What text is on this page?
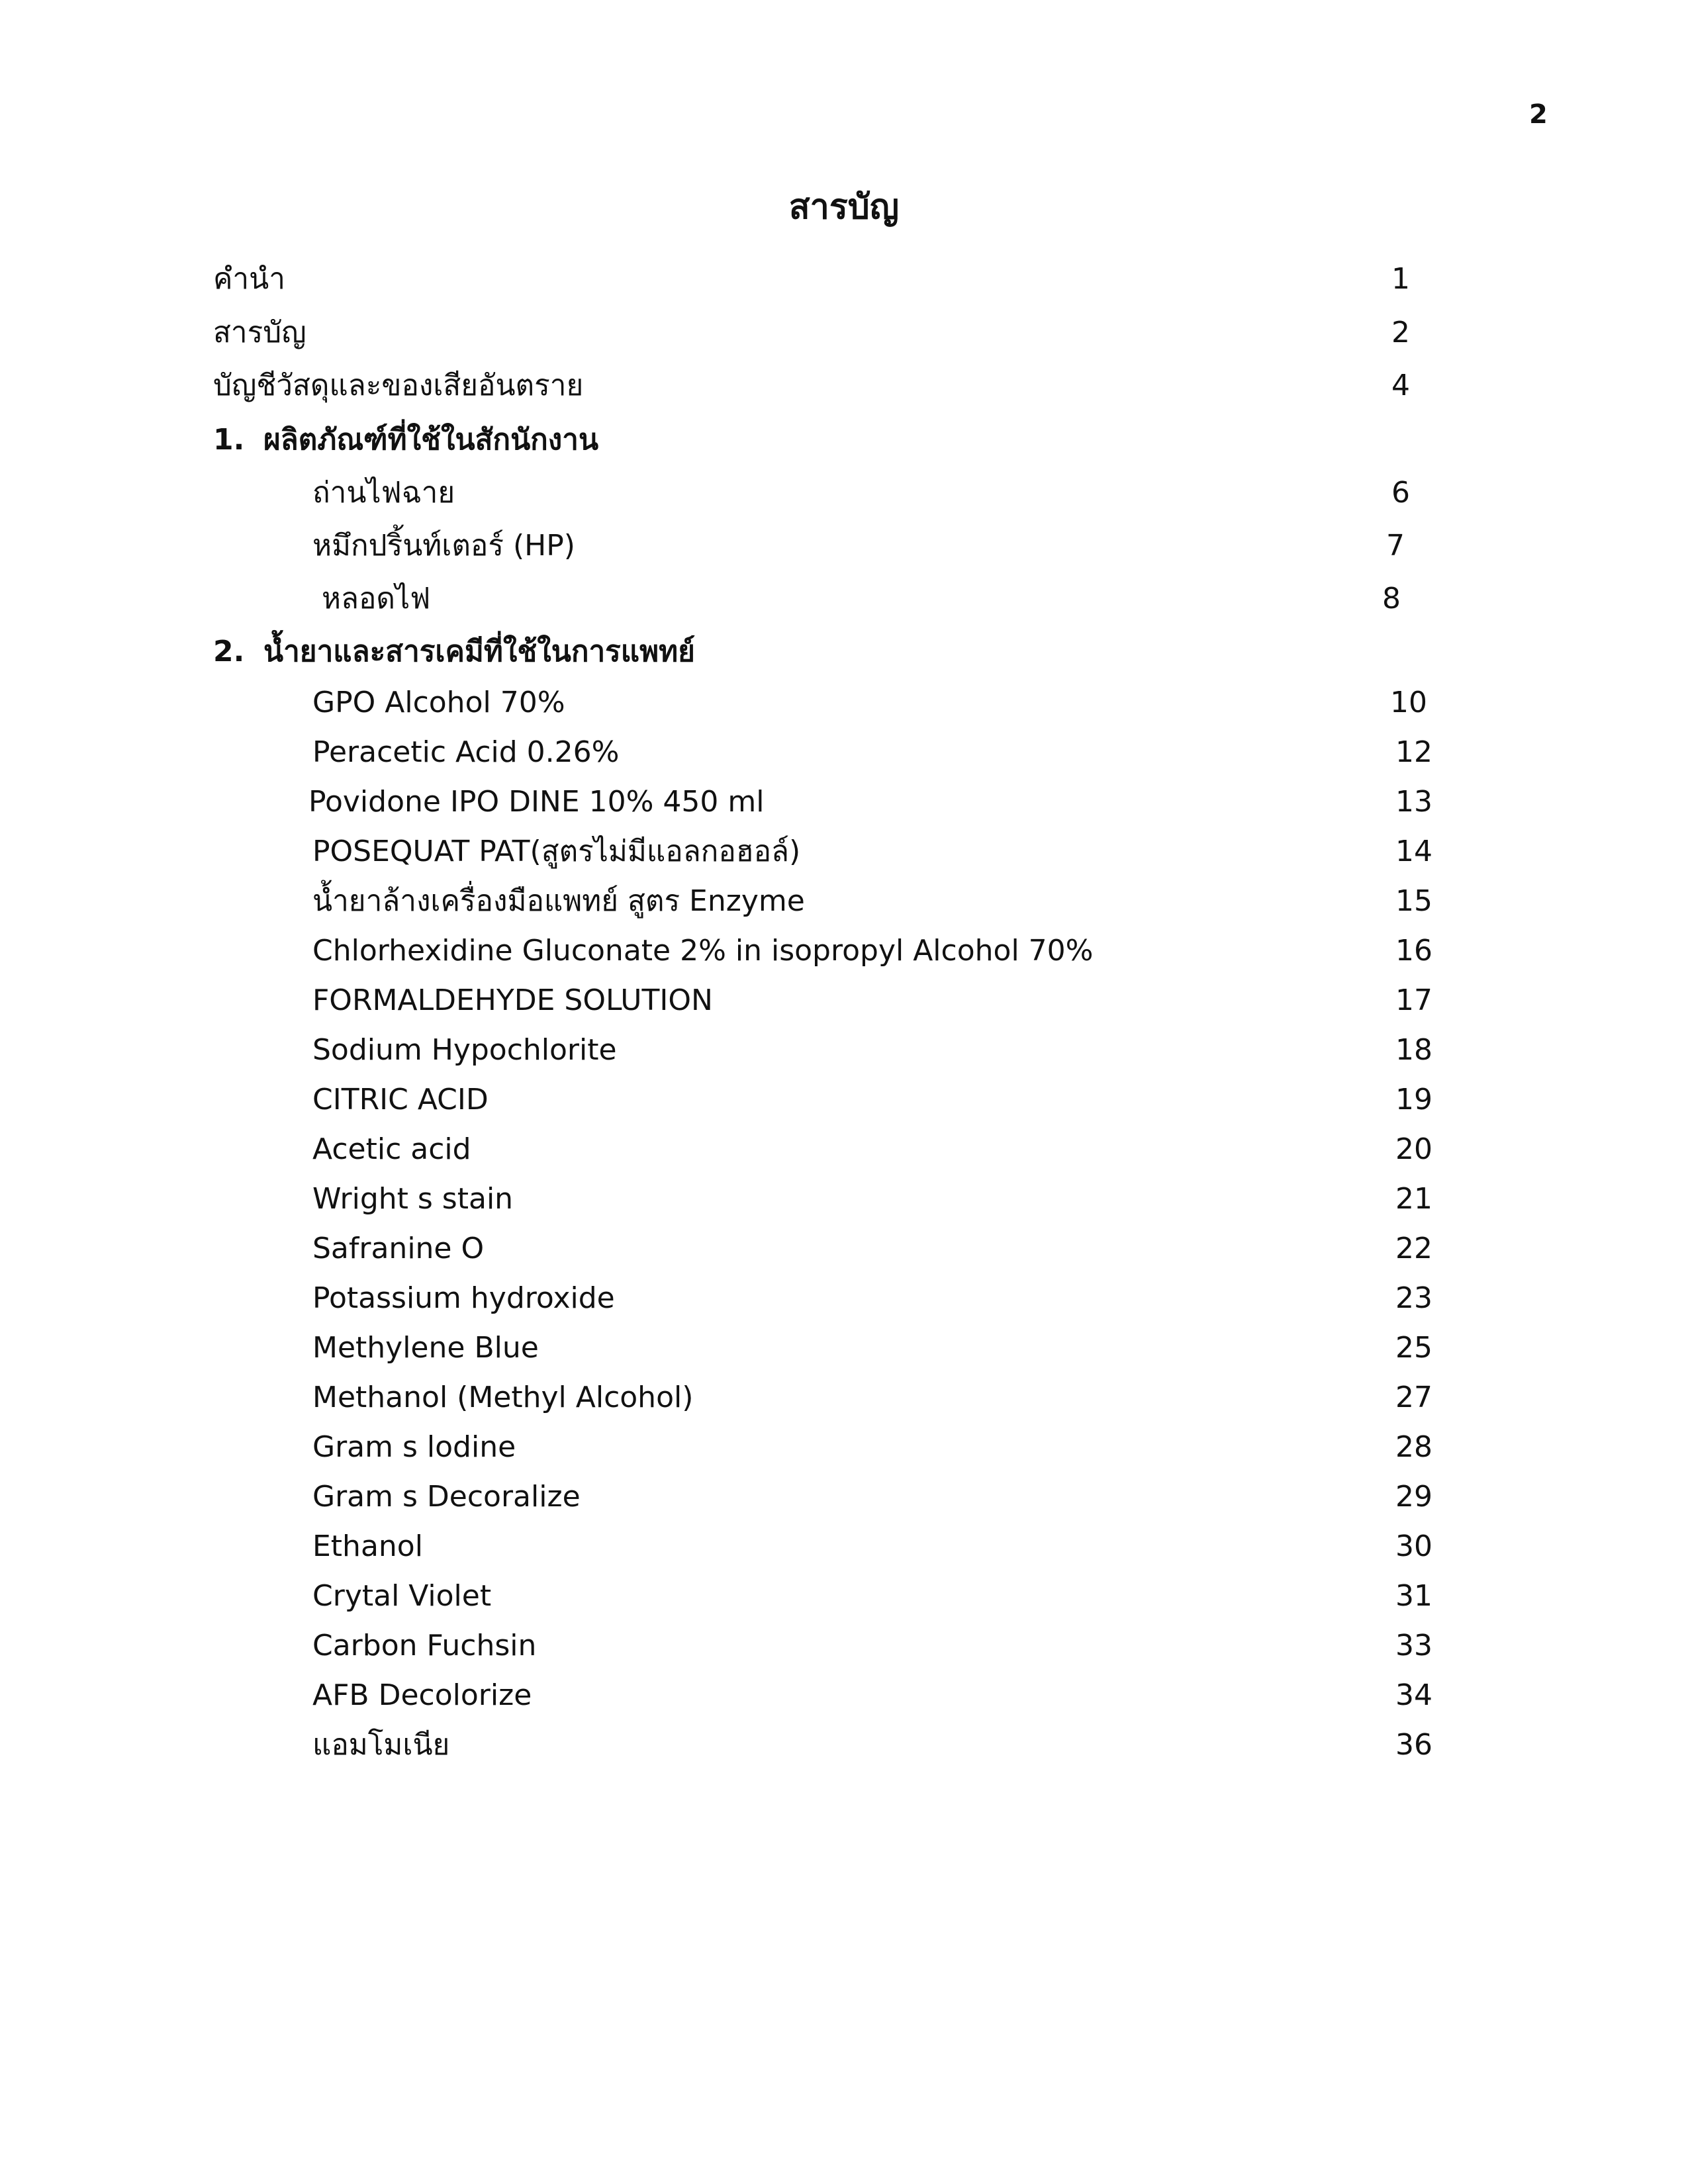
2
สารบัญ
คำนำ	1
สารบัญ	2
บัญชีวัสดุและของเสียอันตราย	4
1. ผลิตภัณฑ์ที่ใช้ในสักนักงาน
ถ่านไฟฉาย	6
หมึกปริ้นท์เตอร์ (HP)	7
หลอดไฟ	8
2. น้ำยาและสารเคมีที่ใช้ในการแพทย์
GPO Alcohol 70%	10
Peracetic Acid 0.26%	12
Povidone IPO DINE 10% 450 ml	13
POSEQUAT PAT(สูตรไม่มีแอลกอฮอล์)	14
น้ำยาล้างเครื่องมือแพทย์ สูตร Enzyme	15
Chlorhexidine Gluconate 2% in isopropyl Alcohol 70%	16
FORMALDEHYDE SOLUTION	17
Sodium Hypochlorite	18
CITRIC ACID	19
Acetic acid	20
Wright s stain	21
Safranine O	22
Potassium hydroxide	23
Methylene Blue	25
Methanol (Methyl Alcohol)	27
Gram s lodine	28
Gram s Decoralize	29
Ethanol	30
Crytal Violet	31
Carbon Fuchsin	33
AFB Decolorize	34
แอมโมเนีย	36
